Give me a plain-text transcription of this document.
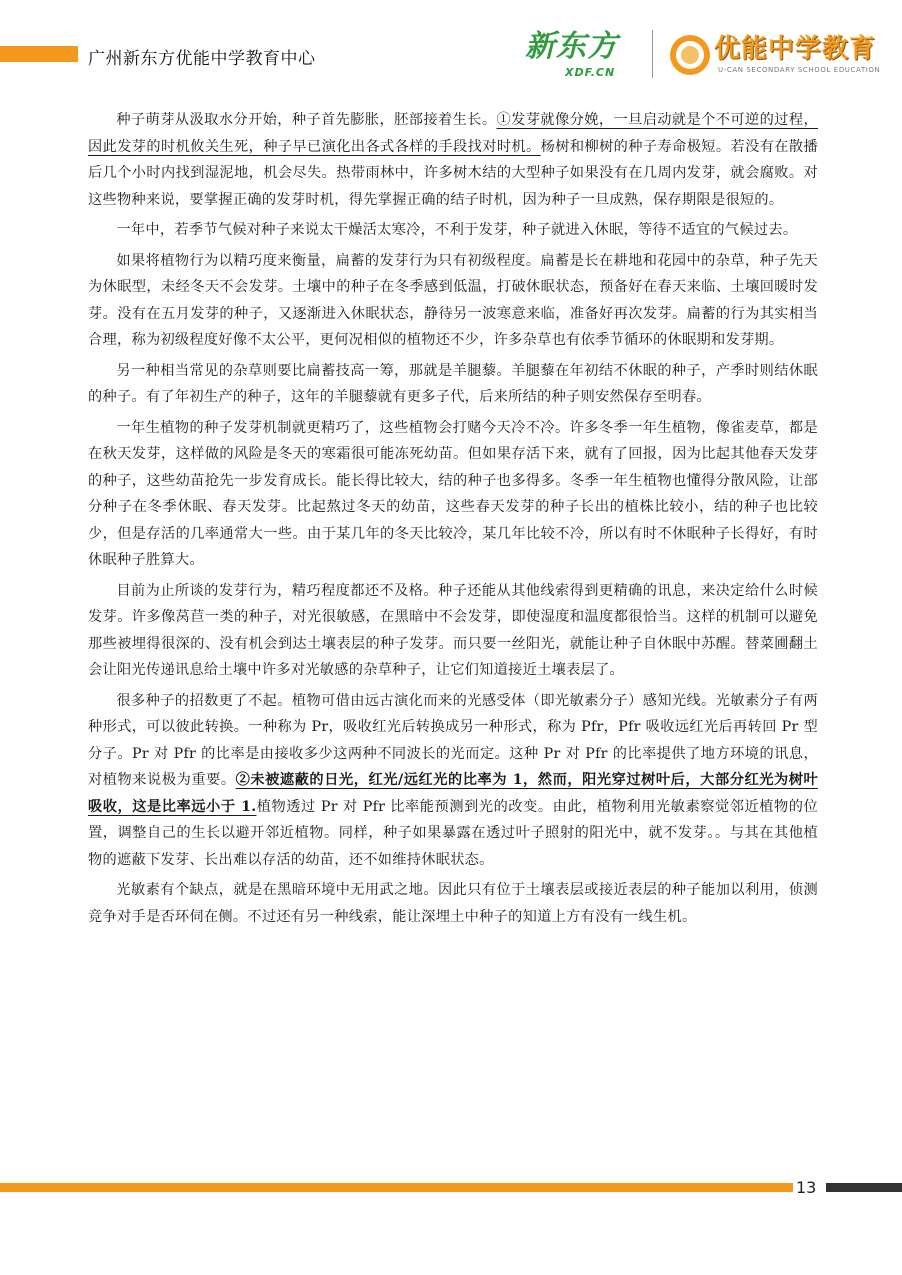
广州新东方优能中学教育中心	新东方
XDF.CN
优能中学教育
U-CAN SECONDARY SCHOOL EDUCATION

种子萌芽从汲取水分开始，种子首先膨胀，胚部接着生长。①发芽就像分娩，一旦启动就是个不可逆的过程，因此发芽的时机攸关生死，种子早已演化出各式各样的手段找对时机。杨树和柳树的种子寿命极短。若没有在散播后几个小时内找到湿泥地，机会尽失。热带雨林中，许多树木结的大型种子如果没有在几周内发芽，就会腐败。对这些物种来说，要掌握正确的发芽时机，得先掌握正确的结子时机，因为种子一旦成熟，保存期限是很短的。

一年中，若季节气候对种子来说太干燥活太寒冷，不利于发芽，种子就进入休眠，等待不适宜的气候过去。

如果将植物行为以精巧度来衡量，扁蓄的发芽行为只有初级程度。扁蓄是长在耕地和花园中的杂草，种子先天为休眠型，未经冬天不会发芽。土壤中的种子在冬季感到低温，打破休眠状态，预备好在春天来临、土壤回暖时发芽。没有在五月发芽的种子，又逐渐进入休眠状态，静待另一波寒意来临，准备好再次发芽。扁蓄的行为其实相当合理，称为初级程度好像不太公平，更何况相似的植物还不少，许多杂草也有依季节循环的休眠期和发芽期。

另一种相当常见的杂草则要比扁蓄技高一筹，那就是羊腿藜。羊腿藜在年初结不休眠的种子，产季时则结休眠的种子。有了年初生产的种子，这年的羊腿藜就有更多子代，后来所结的种子则安然保存至明春。

一年生植物的种子发芽机制就更精巧了，这些植物会打赌今天冷不冷。许多冬季一年生植物，像雀麦草，都是在秋天发芽，这样做的风险是冬天的寒霜很可能冻死幼苗。但如果存活下来，就有了回报，因为比起其他春天发芽的种子，这些幼苗抢先一步发育成长。能长得比较大，结的种子也多得多。冬季一年生植物也懂得分散风险，让部分种子在冬季休眠、春天发芽。比起熬过冬天的幼苗，这些春天发芽的种子长出的植株比较小，结的种子也比较少，但是存活的几率通常大一些。由于某几年的冬天比较冷，某几年比较不冷，所以有时不休眠种子长得好，有时休眠种子胜算大。

目前为止所谈的发芽行为，精巧程度都还不及格。种子还能从其他线索得到更精确的讯息，来决定给什么时候发芽。许多像莴苣一类的种子，对光很敏感，在黑暗中不会发芽，即使湿度和温度都很恰当。这样的机制可以避免那些被埋得很深的、没有机会到达土壤表层的种子发芽。而只要一丝阳光，就能让种子自休眠中苏醒。替菜圃翻土会让阳光传递讯息给土壤中许多对光敏感的杂草种子，让它们知道接近土壤表层了。

很多种子的招数更了不起。植物可借由远古演化而来的光感受体（即光敏素分子）感知光线。光敏素分子有两种形式，可以彼此转换。一种称为 Pr，吸收红光后转换成另一种形式，称为 Pfr，Pfr 吸收远红光后再转回 Pr 型分子。Pr 对 Pfr 的比率是由接收多少这两种不同波长的光而定。这种 Pr 对 Pfr 的比率提供了地方环境的讯息，对植物来说极为重要。②未被遮蔽的日光，红光/远红光的比率为 1，然而，阳光穿过树叶后，大部分红光为树叶吸收，这是比率远小于 1.植物透过 Pr 对 Pfr 比率能预测到光的改变。由此，植物利用光敏素察觉邻近植物的位置，调整自己的生长以避开邻近植物。同样，种子如果暴露在透过叶子照射的阳光中，就不发芽。。与其在其他植物的遮蔽下发芽、长出难以存活的幼苗，还不如维持休眠状态。

光敏素有个缺点，就是在黑暗环境中无用武之地。因此只有位于土壤表层或接近表层的种子能加以利用，侦测竞争对手是否环伺在侧。不过还有另一种线索，能让深埋土中种子的知道上方有没有一线生机。

13
